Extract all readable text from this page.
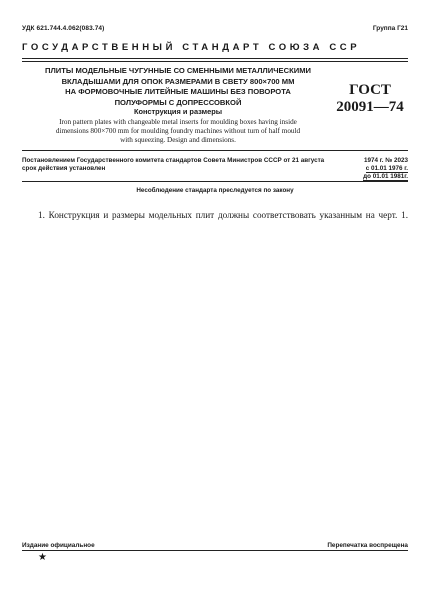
УДК 621.744.4.062(083.74)	Группа Г21
ГОСУДАРСТВЕННЫЙ СТАНДАРТ СОЮЗА ССР
ПЛИТЫ МОДЕЛЬНЫЕ ЧУГУННЫЕ СО СМЕННЫМИ МЕТАЛЛИЧЕСКИМИ
ВКЛАДЫШАМИ ДЛЯ ОПОК РАЗМЕРАМИ В СВЕТУ 800×700 ММ
НА ФОРМОВОЧНЫЕ ЛИТЕЙНЫЕ МАШИНЫ БЕЗ ПОВОРОТА
ПОЛУФОРМЫ С ДОПРЕССОВКОЙ
Конструкция и размеры
Iron pattern plates with changeable metal inserts for moulding boxes having inside
dimensions 800×700 mm for moulding foundry machines without turn of half mould
with squeezing. Design and dimensions.
ГОСТ
20091—74
Постановлением Государственного комитета стандартов Совета Министров СССР от 21 августа	1974 г. № 2023
срок действия установлен	с 01.01 1976 г.
до 01.01 1981г.
Несоблюдение стандарта преследуется по закону
1. Конструкция и размеры модельных плит должны соответствовать указанным на черт. 1.
Издание официальное	Перепечатка воспрещена
★
